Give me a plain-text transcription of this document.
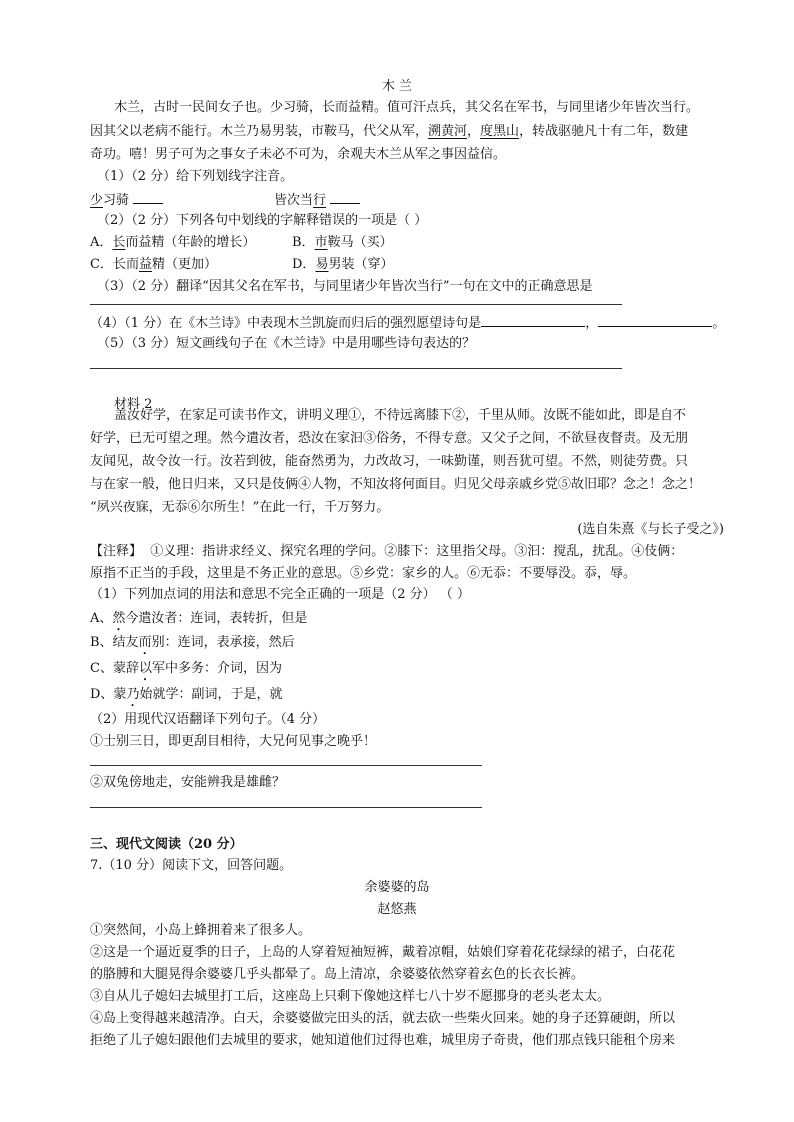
木 兰
木兰，古时一民间女子也。少习骑，长而益精。值可汗点兵，其父名在军书，与同里诸少年皆次当行。
因其父以老病不能行。木兰乃易男装，市鞍马，代父从军，溯黄河，度黑山，转战驱驰凡十有二年，数建
奇功。嘻！男子可为之事女子未必不可为，余观夫木兰从军之事因益信。
（1）（2 分）给下列划线字注音。
少习骑	皆次当行
（2）（2 分）下列各句中划线的字解释错误的一项是（ ）
A．长而益精（年龄的增长）	B．市鞍马（买）
C．长而益精（更加）	D．易男装（穿）
（3）（2 分）翻译“因其父名在军书，与同里诸少年皆次当行”一句在文中的正确意思是
（4）（1 分）在《木兰诗》中表现木兰凯旋而归后的强烈愿望诗句是	，	。
（5）（3 分）短文画线句子在《木兰诗》中是用哪些诗句表达的？
材料 2
盖汝好学，在家足可读书作文，讲明义理①，不待远离膝下②，千里从师。汝既不能如此，即是自不
好学，已无可望之理。然今遣汝者，恐汝在家汩③俗务，不得专意。又父子之间，不欲昼夜督责。及无朋
友闻见，故令汝一行。汝若到彼，能奋然勇为，力改故习，一味勤谨，则吾犹可望。不然，则徒劳费。只
与在家一般，他日归来，又只是伎俩④人物，不知汝将何面目。归见父母亲戚乡党⑤故旧耶？念之！念之！
“夙兴夜寐，无忝⑥尔所生！”在此一行，千万努力。
(选自朱熹《与长子受之》)
【注释】 ①义理：指讲求经义、探究名理的学问。②膝下：这里指父母。③汩：搅乱，扰乱。④伎俩：
原指不正当的手段，这里是不务正业的意思。⑤乡党：家乡的人。⑥无忝：不要辱没。忝，辱。
（1）下列加点词的用法和意思不完全正确的一项是（2 分） （ ）
A、然今遣汝者：连词，表转折，但是
B、结友而别：连词，表承接，然后
C、蒙辞以军中多务：介词，因为
D、蒙乃始就学：副词，于是，就
（2）用现代汉语翻译下列句子。（4 分）
①士别三日，即更刮目相待，大兄何见事之晚乎！
②双兔傍地走，安能辨我是雄雌？
三、现代文阅读（20 分）
7.（10 分）阅读下文，回答问题。
余婆婆的岛
赵悠燕
①突然间，小岛上蜂拥着来了很多人。
②这是一个逼近夏季的日子，上岛的人穿着短袖短裤，戴着凉帽，姑娘们穿着花花绿绿的裙子，白花花
的胳膊和大腿晃得余婆婆几乎头都晕了。岛上清凉，余婆婆依然穿着玄色的长衣长裤。
③自从儿子媳妇去城里打工后，这座岛上只剩下像她这样七八十岁不愿挪身的老头老太太。
④岛上变得越来越清净。白天，余婆婆做完田头的活，就去砍一些柴火回来。她的身子还算硬朗，所以
拒绝了儿子媳妇跟他们去城里的要求，她知道他们过得也难，城里房子奇贵，他们那点钱只能租个房来
